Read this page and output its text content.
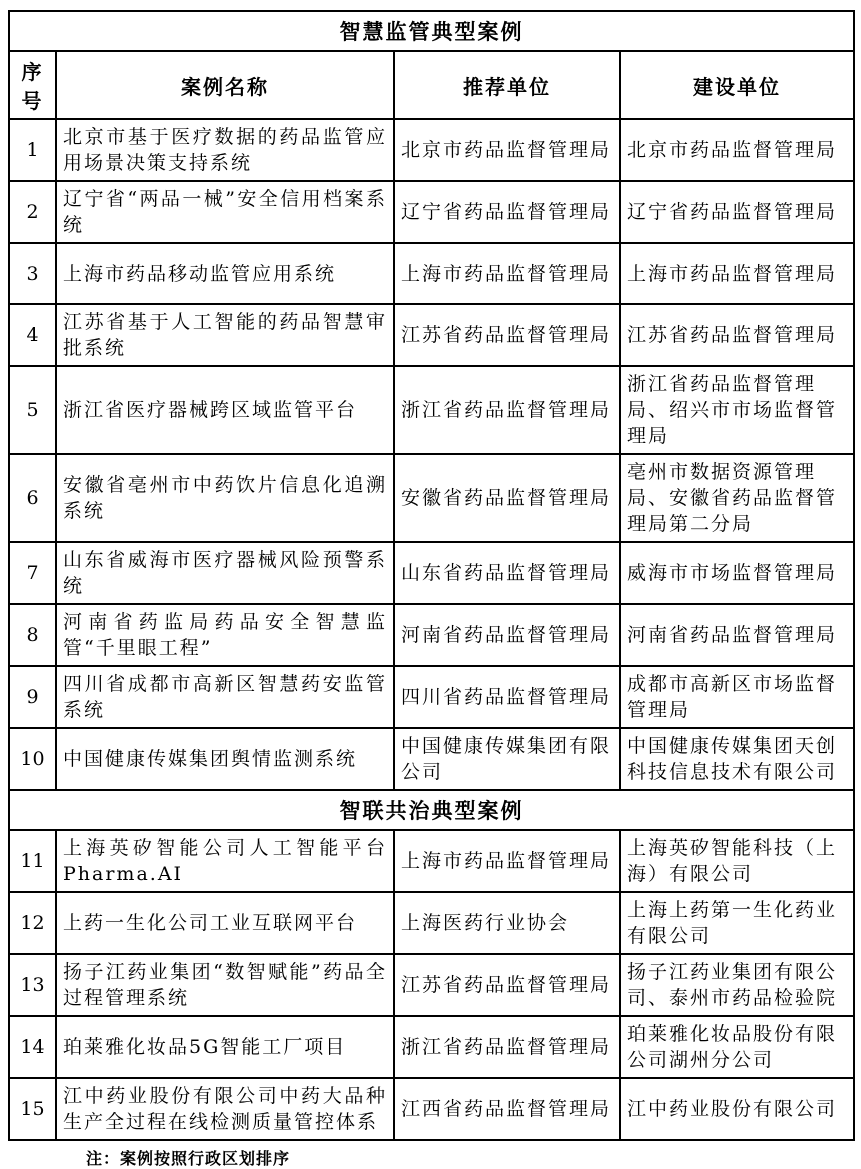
智慧监管典型案例			
序号	案例名称	推荐单位	建设单位
1	北京市基于医疗数据的药品监管应用场景决策支持系统	北京市药品监督管理局	北京市药品监督管理局
2	辽宁省“两品一械”安全信用档案系统	辽宁省药品监督管理局	辽宁省药品监督管理局
3	上海市药品移动监管应用系统	上海市药品监督管理局	上海市药品监督管理局
4	江苏省基于人工智能的药品智慧审批系统	江苏省药品监督管理局	江苏省药品监督管理局
5	浙江省医疗器械跨区域监管平台	浙江省药品监督管理局	浙江省药品监督管理局、绍兴市市场监督管理局
6	安徽省亳州市中药饮片信息化追溯系统	安徽省药品监督管理局	亳州市数据资源管理局、安徽省药品监督管理局第二分局
7	山东省威海市医疗器械风险预警系统	山东省药品监督管理局	威海市市场监督管理局
8	河南省药监局药品安全智慧监管“千里眼工程”	河南省药品监督管理局	河南省药品监督管理局
9	四川省成都市高新区智慧药安监管系统	四川省药品监督管理局	成都市高新区市场监督管理局
10	中国健康传媒集团舆情监测系统	中国健康传媒集团有限公司	中国健康传媒集团天创科技信息技术有限公司
智联共治典型案例			
11	上海英矽智能公司人工智能平台Pharma.AI	上海市药品监督管理局	上海英矽智能科技（上海）有限公司
12	上药一生化公司工业互联网平台	上海医药行业协会	上海上药第一生化药业有限公司
13	扬子江药业集团“数智赋能”药品全过程管理系统	江苏省药品监督管理局	扬子江药业集团有限公司、泰州市药品检验院
14	珀莱雅化妆品5G智能工厂项目	浙江省药品监督管理局	珀莱雅化妆品股份有限公司湖州分公司
15	江中药业股份有限公司中药大品种生产全过程在线检测质量管控体系	江西省药品监督管理局	江中药业股份有限公司
注：案例按照行政区划排序
